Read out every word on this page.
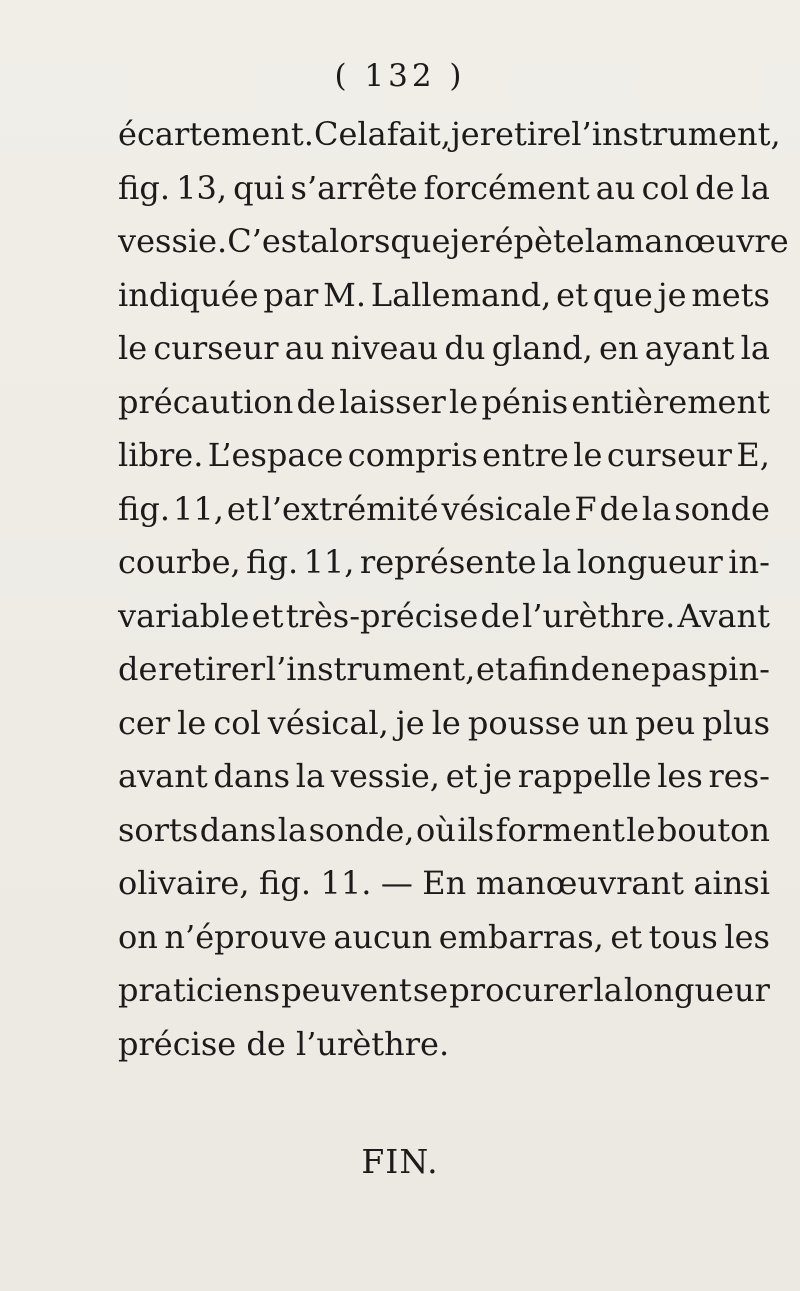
( 132 )
écartement. Cela fait, je retire l’instrument,
fig. 13, qui s’arrête forcément au col de la
vessie. C’est alors que je répète la manœuvre
indiquée par M. Lallemand, et que je mets
le curseur au niveau du gland, en ayant la
précaution de laisser le pénis entièrement
libre. L’espace compris entre le curseur E,
fig. 11, et l’extrémité vésicale F de la sonde
courbe, fig. 11, représente la longueur in-
variable et très-précise de l’urèthre. Avant
de retirer l’instrument, et afin de ne pas pin-
cer le col vésical, je le pousse un peu plus
avant dans la vessie, et je rappelle les res-
sorts dans la sonde, où ils forment le bouton
olivaire, fig. 11. — En manœuvrant ainsi
on n’éprouve aucun embarras, et tous les
praticiens peuvent se procurer la longueur
précise de l’urèthre.
FIN.
